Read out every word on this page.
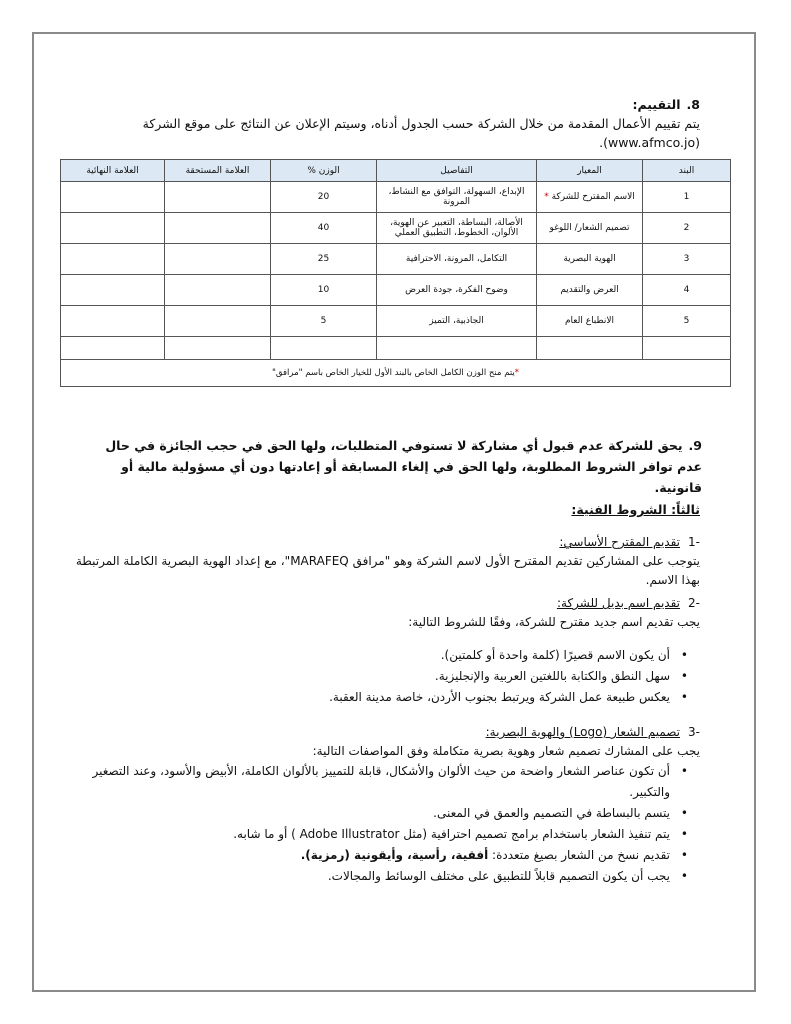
8.التقييم:
يتم تقييم الأعمال المقدمة من خلال الشركة حسب الجدول أدناه، وسيتم الإعلان عن النتائج على موقع الشركة (www.afmco.jo).
البند	المعيار	التفاصيل	الوزن %	العلامة المستحقة	العلامة النهائية
1	الاسم المقترح للشركة *	الإبداع، السهولة، التوافق مع النشاط، المرونة	20		
2	تصميم الشعار/ اللوغو	الأصالة، البساطة، التعبير عن الهوية، الألوان، الخطوط، التطبيق العملي	40		
3	الهوية البصرية	التكامل، المرونة، الاحترافية	25		
4	العرض والتقديم	وضوح الفكرة، جودة العرض	10		
5	الانطباع العام	الجاذبية، التميز	5		

*يتم منح الوزن الكامل الخاص بالبند الأول للخيار الخاص باسم "مرافق"					
9.يحق للشركة عدم قبول أي مشاركة لا تستوفي المتطلبات، ولها الحق في حجب الجائزة في حال عدم توافر الشروط المطلوبة، ولها الحق في إلغاء المسابقة أو إعادتها دون أي مسؤولية مالية أو قانونية.
ثالثاً: الشروط الفنية:
-1تقديم المقترح الأساسي:
يتوجب على المشاركين تقديم المقترح الأول لاسم الشركة وهو "مرافق MARAFEQ"، مع إعداد الهوية البصرية الكاملة المرتبطة بهذا الاسم.
-2تقديم اسم بديل للشركة:
يجب تقديم اسم جديد مقترح للشركة، وفقًا للشروط التالية:
• أن يكون الاسم قصيرًا (كلمة واحدة أو كلمتين).
• سهل النطق والكتابة باللغتين العربية والإنجليزية.
• يعكس طبيعة عمل الشركة ويرتبط بجنوب الأردن، خاصة مدينة العقبة.
-3تصميم الشعار (Logo) والهوية البصرية:
يجب على المشارك تصميم شعار وهوية بصرية متكاملة وفق المواصفات التالية:
• أن تكون عناصر الشعار واضحة من حيث الألوان والأشكال، قابلة للتمييز بالألوان الكاملة، الأبيض والأسود، وعند التصغير والتكبير.
• يتسم بالبساطة في التصميم والعمق في المعنى.
• يتم تنفيذ الشعار باستخدام برامج تصميم احترافية (مثل Adobe Illustrator ) أو ما شابه.
• تقديم نسخ من الشعار بصيغ متعددة: أفقية، رأسية، وأيقونية (رمزية).
• يجب أن يكون التصميم قابلاً للتطبيق على مختلف الوسائط والمجالات.
